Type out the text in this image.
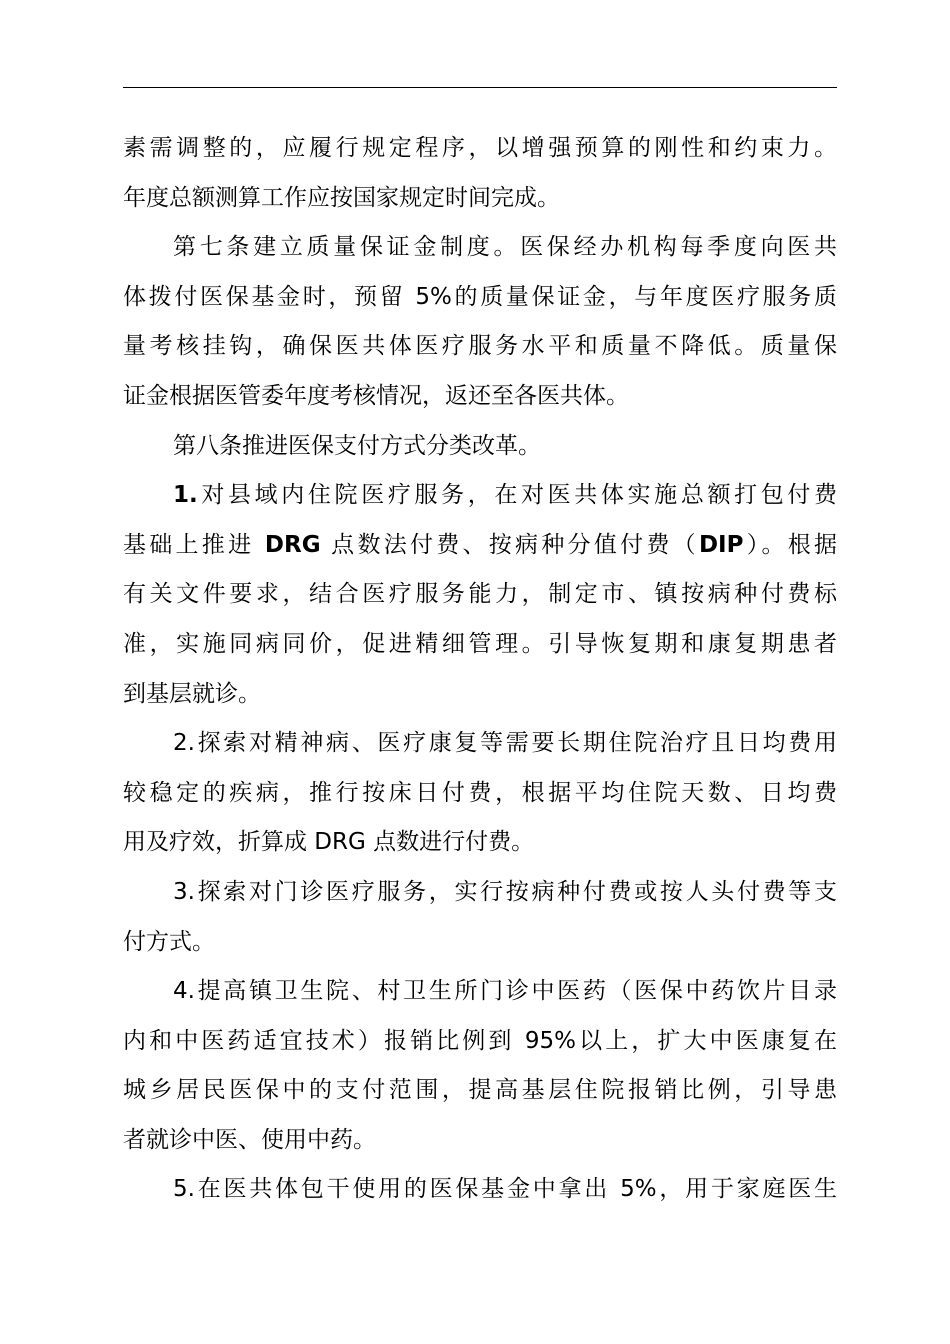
素需调整的，应履行规定程序，以增强预算的刚性和约束力。
年度总额测算工作应按国家规定时间完成。
第七条建立质量保证金制度。医保经办机构每季度向医共
体拨付医保基金时，预留 5%的质量保证金，与年度医疗服务质
量考核挂钩，确保医共体医疗服务水平和质量不降低。质量保
证金根据医管委年度考核情况，返还至各医共体。
第八条推进医保支付方式分类改革。
1.对县域内住院医疗服务，在对医共体实施总额打包付费
基础上推进 DRG 点数法付费、按病种分值付费（DIP）。根据
有关文件要求，结合医疗服务能力，制定市、镇按病种付费标
准，实施同病同价，促进精细管理。引导恢复期和康复期患者
到基层就诊。
2.探索对精神病、医疗康复等需要长期住院治疗且日均费用
较稳定的疾病，推行按床日付费，根据平均住院天数、日均费
用及疗效，折算成 DRG 点数进行付费。
3.探索对门诊医疗服务，实行按病种付费或按人头付费等支
付方式。
4.提高镇卫生院、村卫生所门诊中医药（医保中药饮片目录
内和中医药适宜技术）报销比例到 95%以上，扩大中医康复在
城乡居民医保中的支付范围，提高基层住院报销比例，引导患
者就诊中医、使用中药。
5.在医共体包干使用的医保基金中拿出 5%，用于家庭医生
